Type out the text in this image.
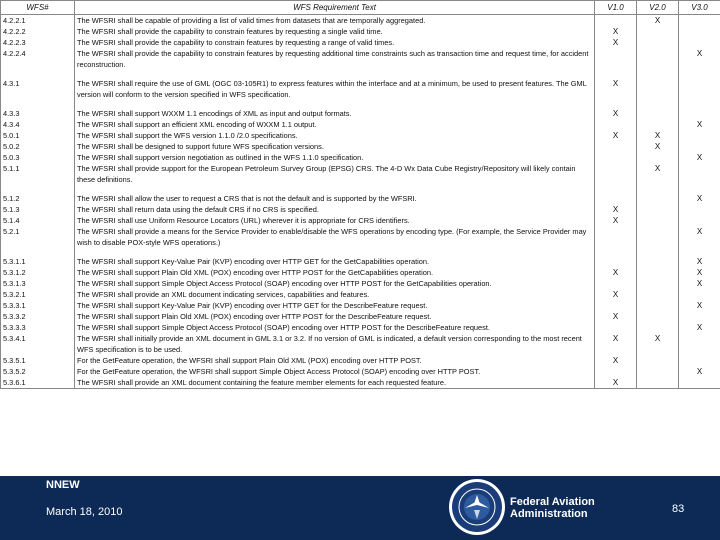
WFS#	WFS Requirement Text	V1.0	V2.0	V3.0
4.2.2.1	The WFSRI shall be capable of providing a list of valid times from datasets that are temporally aggregated.		X	
4.2.2.2	The WFSRI shall provide the capability to constrain features by requesting a single valid time.	X		
4.2.2.3	The WFSRI shall provide the capability to constrain features by requesting a range of valid times.	X		
4.2.2.4	The WFSRI shall provide the capability to constrain features by requesting additional time constraints such as transaction time and request time, for accident reconstruction.			X

4.3.1	The WFSRI shall require the use of GML (OGC 03-105R1) to express features within the interface and at a minimum, be used to present features. The GML version will conform to the version specified in WFS specification.	X		

4.3.3	The WFSRI shall support WXXM 1.1 encodings of XML as input and output formats.	X		
4.3.4	The WFSRI shall support an efficient XML encoding of WXXM 1.1 output.			X
5.0.1	The WFSRI shall support the WFS version 1.1.0 /2.0 specifications.	X	X	
5.0.2	The WFSRI shall be designed to support future WFS specification versions.		X	
5.0.3	The WFSRI shall support version negotiation as outlined in the WFS 1.1.0 specification.			X
5.1.1	The WFSRI shall provide support for the European Petroleum Survey Group (EPSG) CRS. The 4-D Wx Data Cube Registry/Repository will likely contain these definitions.		X	

5.1.2	The WFSRI shall allow the user to request a CRS that is not the default and is supported by the WFSRI.			X
5.1.3	The WFSRI shall return data using the default CRS if no CRS is specified.	X		
5.1.4	The WFSRI shall use Uniform Resource Locators (URL) wherever it is appropriate for CRS identifiers.	X		
5.2.1	The WFSRI shall provide a means for the Service Provider to enable/disable the WFS operations by encoding type. (For example, the Service Provider may wish to disable POX-style WFS operations.)			X

5.3.1.1	The WFSRI shall support Key-Value Pair (KVP) encoding over HTTP GET for the GetCapabilities operation.			X
5.3.1.2	The WFSRI shall support Plain Old XML (POX) encoding over HTTP POST for the GetCapabilities operation.	X		X
5.3.1.3	The WFSRI shall support Simple Object Access Protocol (SOAP) encoding over HTTP POST for the GetCapabilities operation.			X
5.3.2.1	The WFSRI shall provide an XML document indicating services, capabilities and features.	X		
5.3.3.1	The WFSRI shall support Key-Value Pair (KVP) encoding over HTTP GET for the DescribeFeature request.			X
5.3.3.2	The WFSRI shall support Plain Old XML (POX) encoding over HTTP POST for the DescribeFeature request.	X		
5.3.3.3	The WFSRI shall support Simple Object Access Protocol (SOAP) encoding over HTTP POST for the DescribeFeature request.			X
5.3.4.1	The WFSRI shall initially provide an XML document in GML 3.1 or 3.2. If no version of GML is indicated, a default version corresponding to the most recent WFS specification is to be used.	X	X	
5.3.5.1	For the GetFeature operation, the WFSRI shall support Plain Old XML (POX) encoding over HTTP POST.	X		
5.3.5.2	For the GetFeature operation, the WFSRI shall support Simple Object Access Protocol (SOAP) encoding over HTTP POST.			X
5.3.6.1	The WFSRI shall provide an XML document containing the feature member elements for each requested feature.	X		
NNEW
March 18, 2010
Federal Aviation
Administration	83
